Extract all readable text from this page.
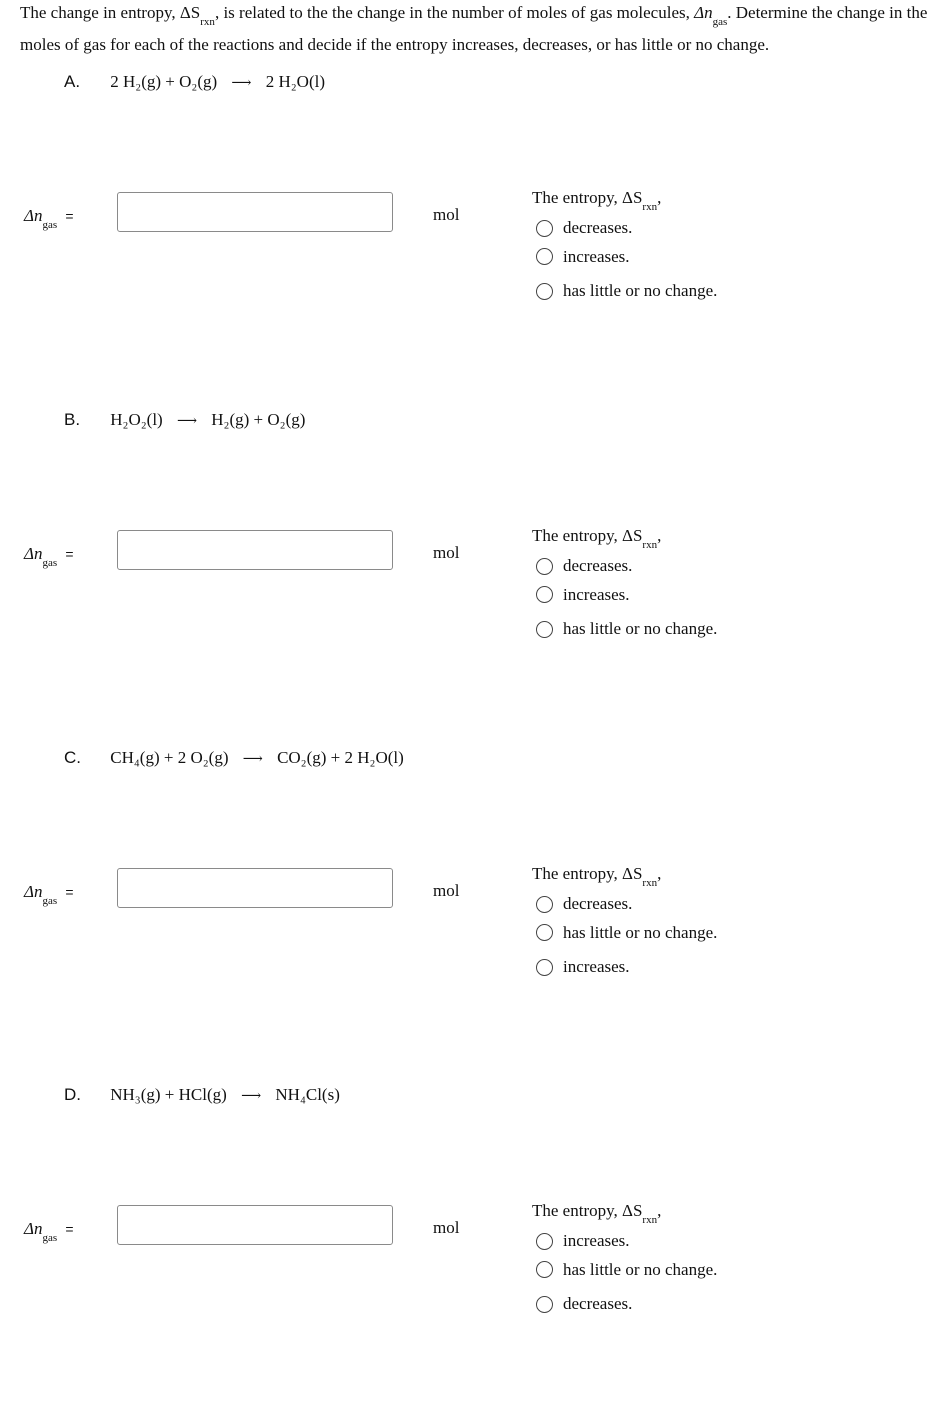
The change in entropy, $\Delta S_{rxn}$, is related to the the change in the number of moles of gas molecules, $\Delta n_{gas}$. Determine the change in the moles of gas for each of the reactions and decide if the entropy increases, decreases, or has little or no change.
A. 2 H₂(g) + O₂(g) ⟶ 2 H₂O(l)
$\Delta n_{gas}$ =	mol
The entropy, $\Delta S_{rxn}$,
decreases.
increases.
has little or no change.
B. H₂O₂(l) ⟶ H₂(g) + O₂(g)
$\Delta n_{gas}$ =	mol
The entropy, $\Delta S_{rxn}$,
decreases.
increases.
has little or no change.
C. CH₄(g) + 2 O₂(g) ⟶ CO₂(g) + 2 H₂O(l)
$\Delta n_{gas}$ =	mol
The entropy, $\Delta S_{rxn}$,
decreases.
has little or no change.
increases.
D. NH₃(g) + HCl(g) ⟶ NH₄Cl(s)
$\Delta n_{gas}$ =	mol
The entropy, $\Delta S_{rxn}$,
increases.
has little or no change.
decreases.
